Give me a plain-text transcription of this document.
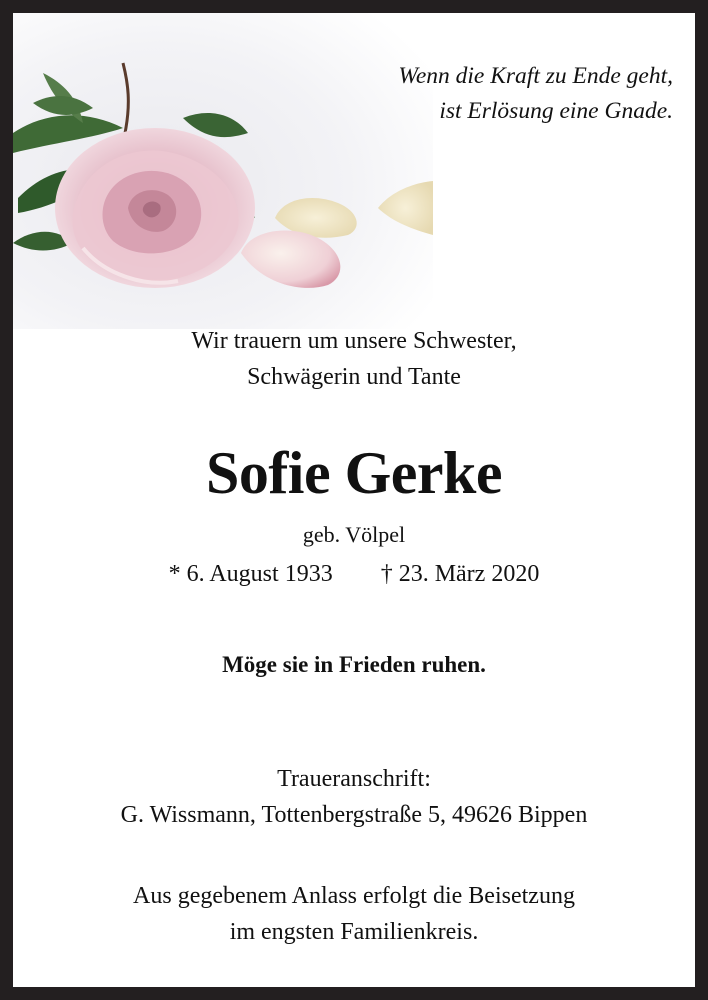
Wenn die Kraft zu Ende geht,
ist Erlösung eine Gnade.
Wir trauern um unsere Schwester,
Schwägerin und Tante
Sofie Gerke
geb. Völpel
* 6. August 1933 † 23. März 2020
Möge sie in Frieden ruhen.
Traueranschrift:
G. Wissmann, Tottenbergstraße 5, 49626 Bippen
Aus gegebenem Anlass erfolgt die Beisetzung
im engsten Familienkreis.
